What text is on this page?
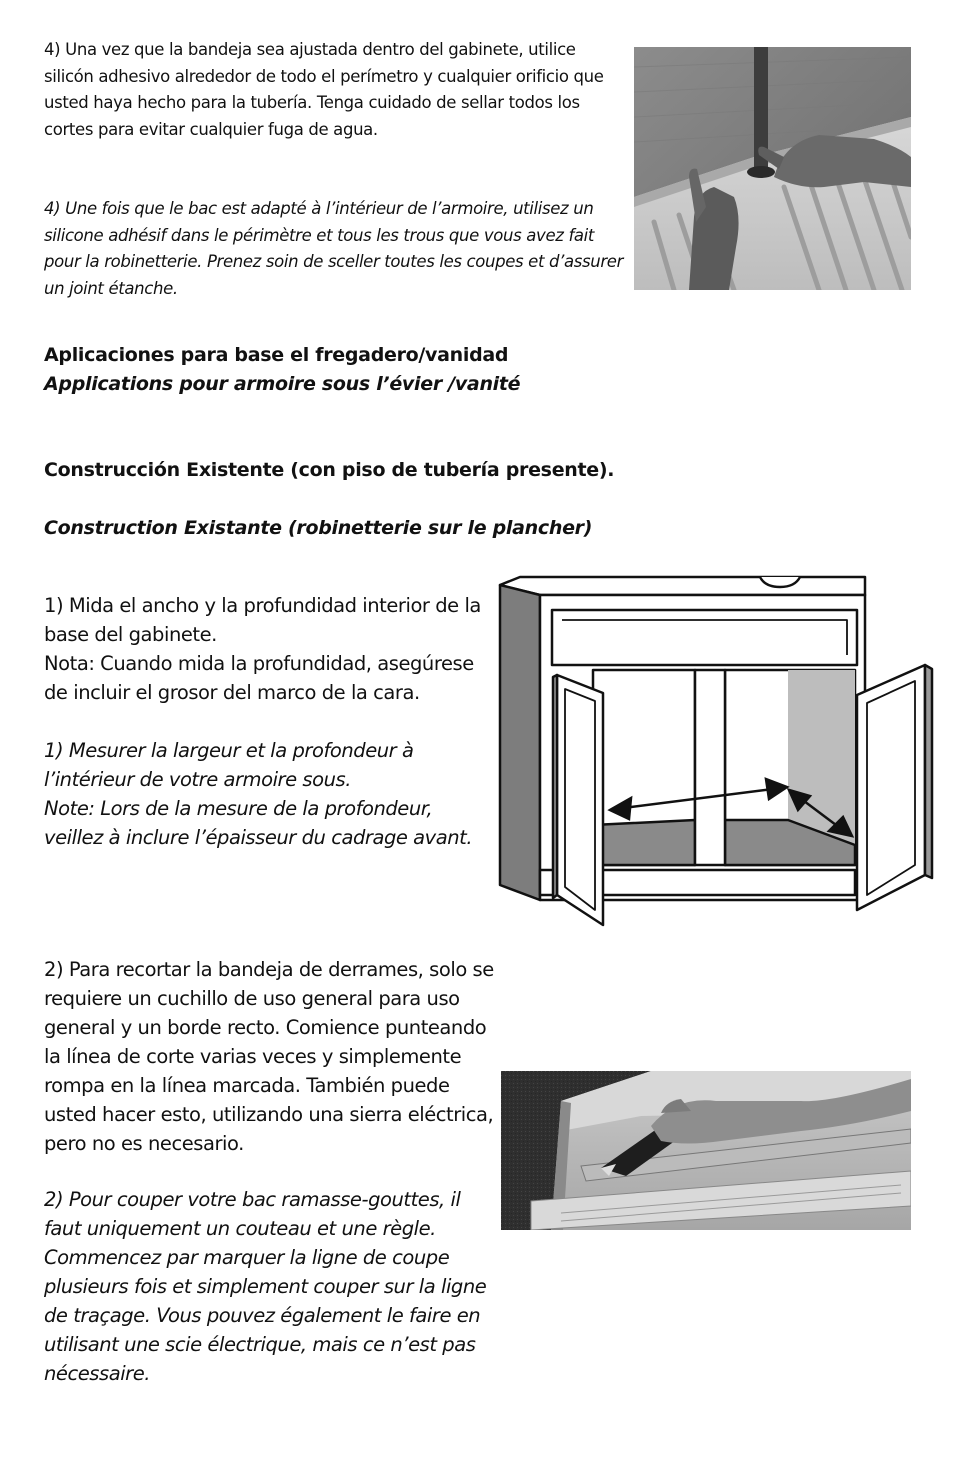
4) Una vez que la bandeja sea ajustada dentro del gabinete, utilice silicón adhesivo alrededor de todo el perímetro y cualquier orificio que usted haya hecho para la tubería. Tenga cuidado de sellar todos los cortes para evitar cualquier fuga de agua.

4) Une fois que le bac est adapté à l’intérieur de l’armoire, utilisez un silicone adhésif dans le périmètre et tous les trous que vous avez fait pour la robinetterie. Prenez soin de sceller toutes les coupes et d’assurer un joint étanche.

Aplicaciones para base el fregadero/vanidad

Applications pour armoire sous l’évier /vanité

Construcción Existente (con piso de tubería presente).

Construction Existante (robinetterie sur le plancher)

1) Mida el ancho y la profundidad interior de la base del gabinete.
Nota: Cuando mida la profundidad, asegúrese de incluir el grosor del marco de la cara.
1) Mesurer la largeur et la profondeur à l’intérieur de votre armoire sous.
Note: Lors de la mesure de la profondeur, veillez à inclure l’épaisseur du cadrage avant.

2) Para recortar la bandeja de derrames, solo se requiere un cuchillo de uso general para uso general y un borde recto. Comience punteando la línea de corte varias veces y simplemente rompa en la línea marcada. También puede usted hacer esto, utilizando una sierra eléctrica, pero no es necesario.

2) Pour couper votre bac ramasse-gouttes, il faut uniquement un couteau et une règle. Commencez par marquer la ligne de coupe plusieurs fois et simplement couper sur la ligne de traçage. Vous pouvez également le faire en utilisant une scie électrique, mais ce n’est pas nécessaire.
